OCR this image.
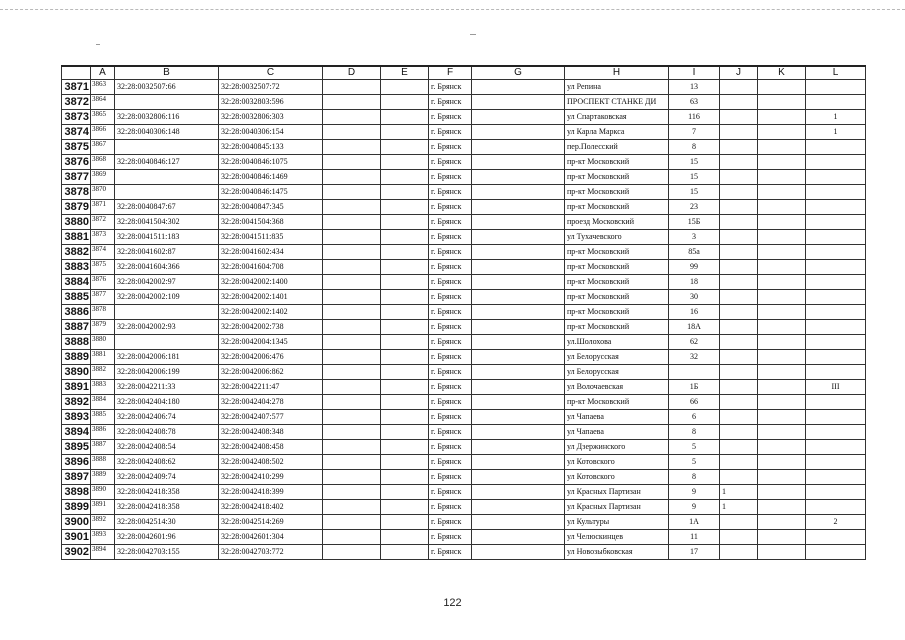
	A	B	C	D	E	F	G	H	I	J	K	L
3871	3863	32:28:0032507:66	32:28:0032507:72			г. Брянск		ул Репина	13			
3872	3864		32:28:0032803:596			г. Брянск		ПРОСПЕКТ СТАНКЕ ДИ	63			
3873	3865	32:28:0032806:116	32:28:0032806:303			г. Брянск		ул Спартаковская	116			1
3874	3866	32:28:0040306:148	32:28:0040306:154			г. Брянск		ул Карла Маркса	7			1
3875	3867		32:28:0040845:133			г. Брянск		пер.Полесский	8			
3876	3868	32:28:0040846:127	32:28:0040846:1075			г. Брянск		пр-кт Московский	15			
3877	3869		32:28:0040846:1469			г. Брянск		пр-кт Московский	15			
3878	3870		32:28:0040846:1475			г. Брянск		пр-кт Московский	15			
3879	3871	32:28:0040847:67	32:28:0040847:345			г. Брянск		пр-кт Московский	23			
3880	3872	32:28:0041504:302	32:28:0041504:368			г. Брянск		проезд Московский	15Б			
3881	3873	32:28:0041511:183	32:28:0041511:835			г. Брянск		ул Тухачевского	3			
3882	3874	32:28:0041602:87	32:28:0041602:434			г. Брянск		пр-кт Московский	85а			
3883	3875	32:28:0041604:366	32:28:0041604:708			г. Брянск		пр-кт Московский	99			
3884	3876	32:28:0042002:97	32:28:0042002:1400			г. Брянск		пр-кт Московский	18			
3885	3877	32:28:0042002:109	32:28:0042002:1401			г. Брянск		пр-кт Московский	30			
3886	3878		32:28:0042002:1402			г. Брянск		пр-кт Московский	16			
3887	3879	32:28:0042002:93	32:28:0042002:738			г. Брянск		пр-кт Московский	18А			
3888	3880		32:28:0042004:1345			г. Брянск		ул.Шолохова	62			
3889	3881	32:28:0042006:181	32:28:0042006:476			г. Брянск		ул Белорусская	32			
3890	3882	32:28:0042006:199	32:28:0042006:862			г. Брянск		ул Белорусская				
3891	3883	32:28:0042211:33	32:28:0042211:47			г. Брянск		ул Волочаевская	1Б			III
3892	3884	32:28:0042404:180	32:28:0042404:278			г. Брянск		пр-кт Московский	66			
3893	3885	32:28:0042406:74	32:28:0042407:577			г. Брянск		ул Чапаева	6			
3894	3886	32:28:0042408:78	32:28:0042408:348			г. Брянск		ул Чапаева	8			
3895	3887	32:28:0042408:54	32:28:0042408:458			г. Брянск		ул Дзержинского	5			
3896	3888	32:28:0042408:62	32:28:0042408:502			г. Брянск		ул Котовского	5			
3897	3889	32:28:0042409:74	32:28:0042410:299			г. Брянск		ул Котовского	8			
3898	3890	32:28:0042418:358	32:28:0042418:399			г. Брянск		ул Красных Партизан	9	1		
3899	3891	32:28:0042418:358	32:28:0042418:402			г. Брянск		ул Красных Партизан	9	1		
3900	3892	32:28:0042514:30	32:28:0042514:269			г. Брянск		ул Культуры	1А			2
3901	3893	32:28:0042601:96	32:28:0042601:304			г. Брянск		ул Челюскинцев	11			
3902	3894	32:28:0042703:155	32:28:0042703:772			г. Брянск		ул Новозыбковская	17			
122
